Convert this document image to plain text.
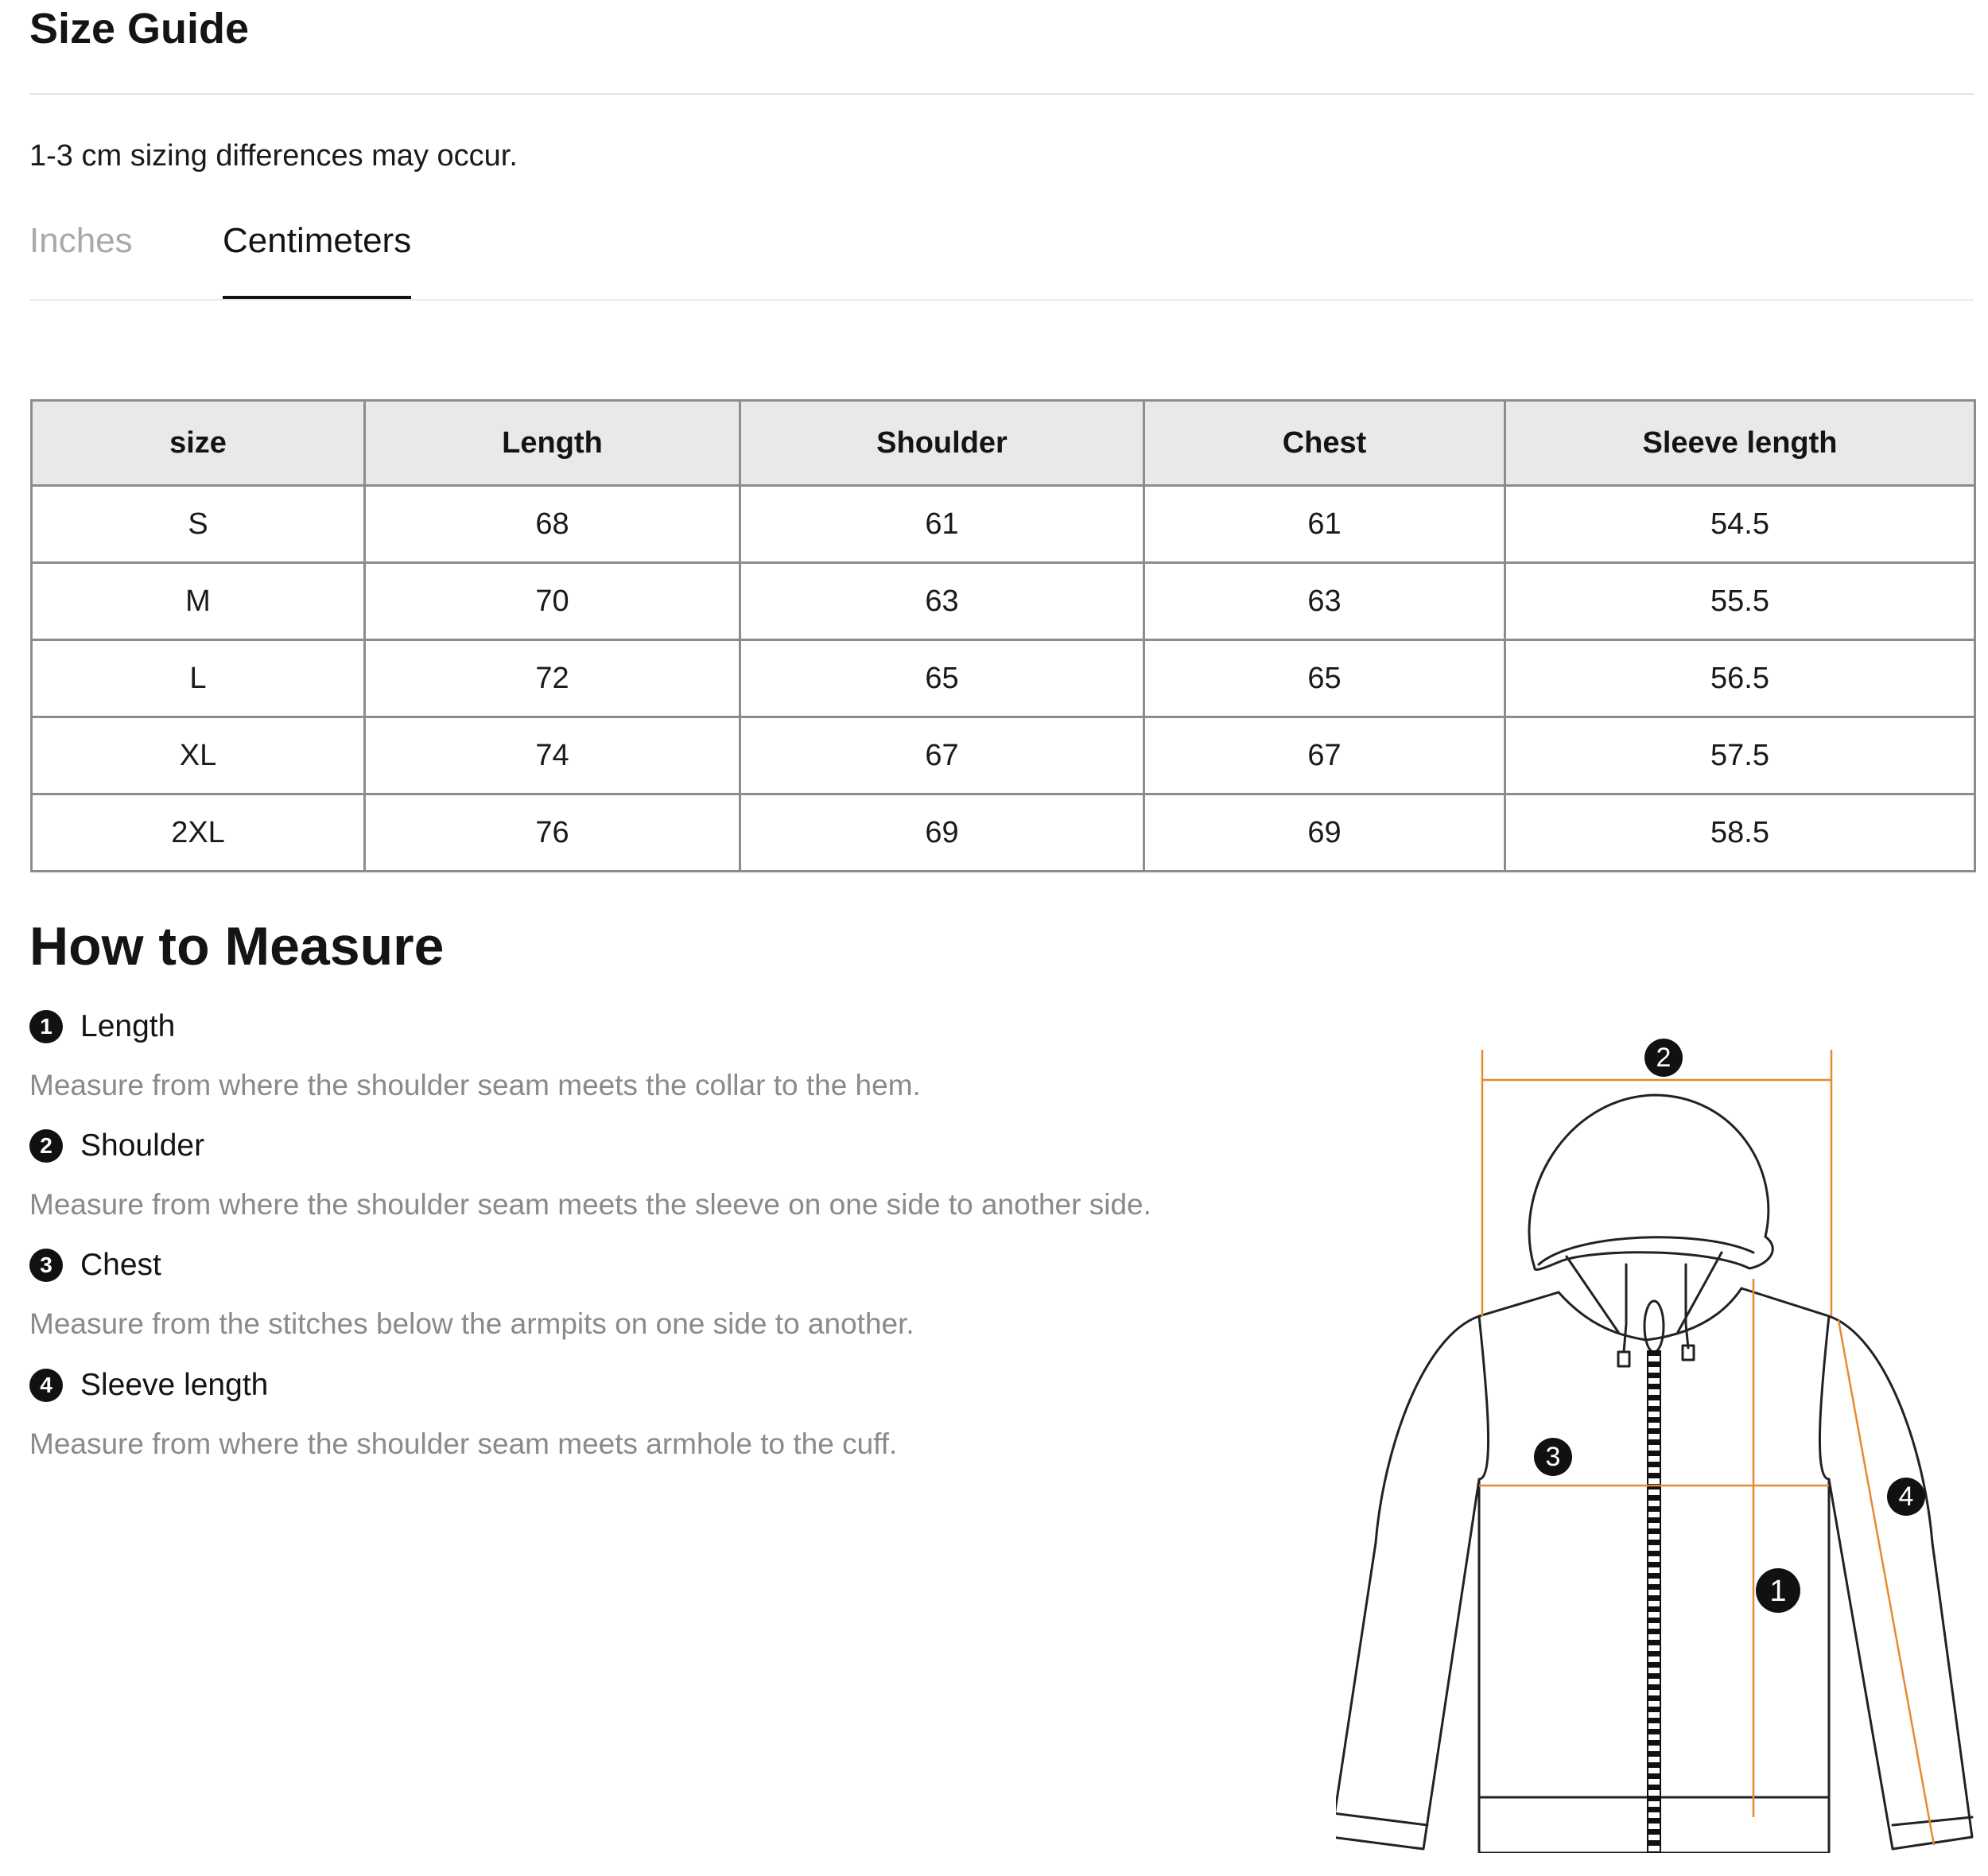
Size Guide
1-3 cm sizing differences may occur.
Inches	Centimeters
size	Length	Shoulder	Chest	Sleeve length
S	68	61	61	54.5
M	70	63	63	55.5
L	72	65	65	56.5
XL	74	67	67	57.5
2XL	76	69	69	58.5
How to Measure
1 Length
Measure from where the shoulder seam meets the collar to the hem.
2 Shoulder
Measure from where the shoulder seam meets the sleeve on one side to another side.
3 Chest
Measure from the stitches below the armpits on one side to another.
4 Sleeve length
Measure from where the shoulder seam meets armhole to the cuff.
2
3
4
1
